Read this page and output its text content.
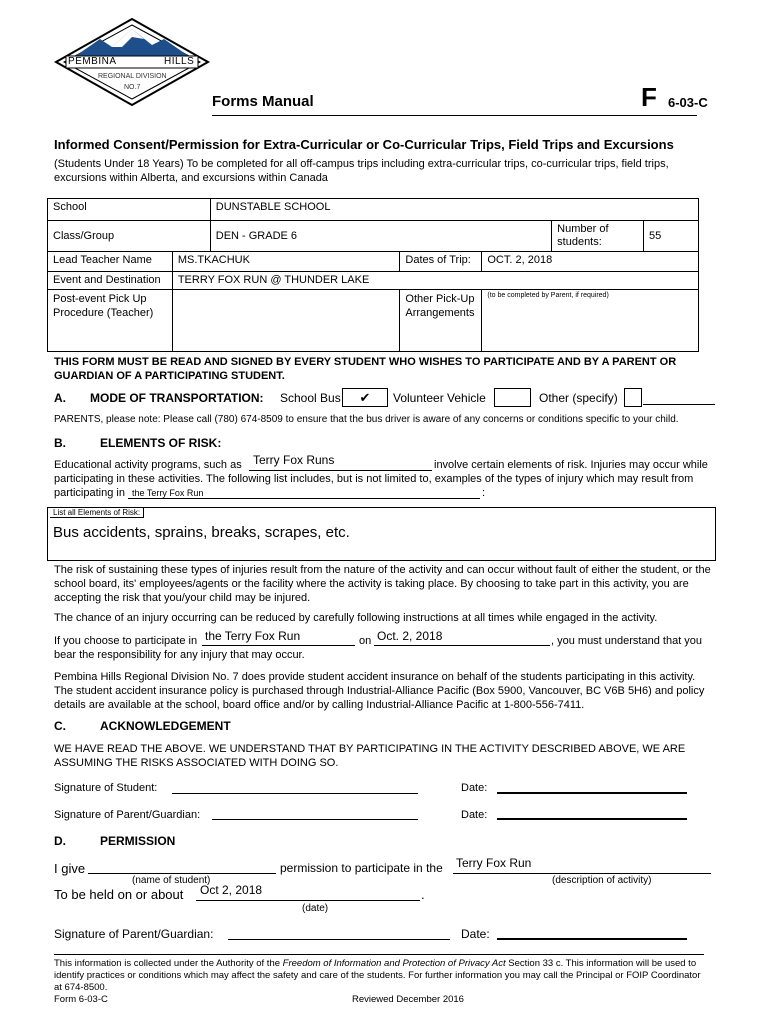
PEMBINA	HILLS
REGIONAL DIVISION
NO.7
Forms Manual	F 6-03-C
Informed Consent/Permission for Extra-Curricular or Co-Curricular Trips, Field Trips and Excursions
(Students Under 18 Years) To be completed for all off-campus trips including extra-curricular trips, co-curricular trips, field trips, excursions within Alberta, and excursions within Canada
School		DUNSTABLE SCHOOL				
Class/Group		DEN - GRADE 6			Number of students:	55
Lead Teacher Name	MS.TKACHUK		Dates of Trip:	OCT. 2, 2018		
Event and Destination	TERRY FOX RUN @ THUNDER LAKE					
Post-event Pick Up Procedure (Teacher)			Other Pick-Up Arrangements	(to be completed by Parent, if required)		
THIS FORM MUST BE READ AND SIGNED BY EVERY STUDENT WHO WISHES TO PARTICIPATE AND BY A PARENT OR GUARDIAN OF A PARTICIPATING STUDENT.
A. MODE OF TRANSPORTATION: School Bus	✔	Volunteer Vehicle	Other (specify)
PARENTS, please note: Please call (780) 674-8509 to ensure that the bus driver is aware of any concerns or conditions specific to your child.
B.	ELEMENTS OF RISK:
Educational activity programs, such as Terry Fox Runs	involve certain elements of risk. Injuries may occur while
participating in these activities. The following list includes, but is not limited to, examples of the types of injury which may result from
participating in the Terry Fox Run	:
List all Elements of Risk:
Bus accidents, sprains, breaks, scrapes, etc.
The risk of sustaining these types of injuries result from the nature of the activity and can occur without fault of either the student, or the school board, its' employees/agents or the facility where the activity is taking place. By choosing to take part in this activity, you are accepting the risk that you/your child may be injured.
The chance of an injury occurring can be reduced by carefully following instructions at all times while engaged in the activity.
If you choose to participate in the Terry Fox Run	on Oct. 2, 2018	, you must understand that you
bear the responsibility for any injury that may occur.
Pembina Hills Regional Division No. 7 does provide student accident insurance on behalf of the students participating in this activity. The student accident insurance policy is purchased through Industrial-Alliance Pacific (Box 5900, Vancouver, BC V6B 5H6) and policy details are available at the school, board office and/or by calling Industrial-Alliance Pacific at 1-800-556-7411.
C.	ACKNOWLEDGEMENT
WE HAVE READ THE ABOVE. WE UNDERSTAND THAT BY PARTICIPATING IN THE ACTIVITY DESCRIBED ABOVE, WE ARE ASSUMING THE RISKS ASSOCIATED WITH DOING SO.
Signature of Student:	Date:
Signature of Parent/Guardian:	Date:
D.	PERMISSION
I give	permission to participate in the Terry Fox Run
(name of student)	(description of activity)
To be held on or about Oct 2, 2018	.
(date)
Signature of Parent/Guardian:	Date:
This information is collected under the Authority of the Freedom of Information and Protection of Privacy Act Section 33 c. This information will be used to identify practices or conditions which may affect the safety and care of the students. For further information you may call the Principal or FOIP Coordinator at 674-8500.
Form 6-03-C	Reviewed December 2016
